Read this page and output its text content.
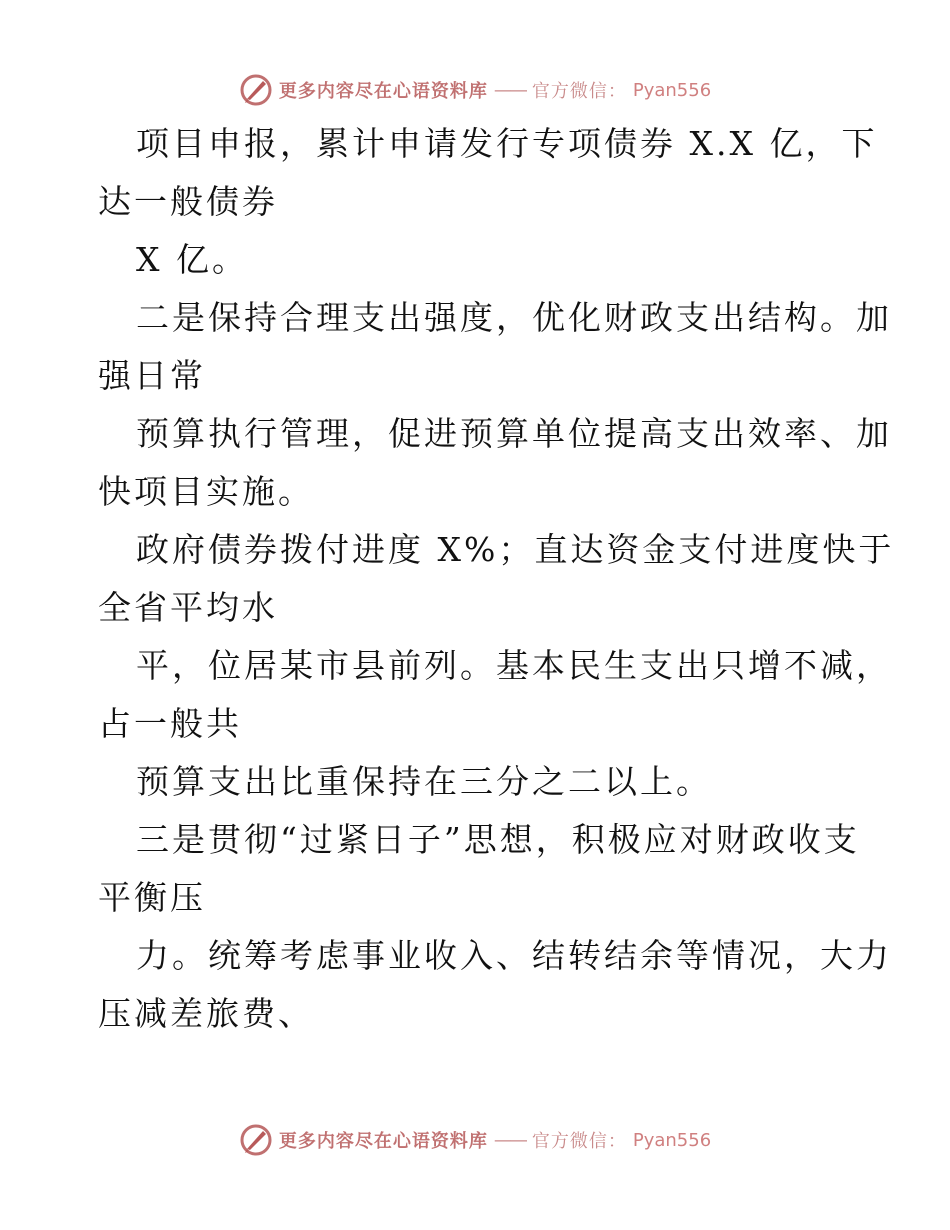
更多内容尽在心语资料库 —— 官方微信： Pyan556
项目申报，累计申请发行专项债券 X.X 亿，下
达一般债券
X 亿。
二是保持合理支出强度，优化财政支出结构。加
强日常
预算执行管理，促进预算单位提高支出效率、加
快项目实施。
政府债券拨付进度 X%；直达资金支付进度快于
全省平均水
平，位居某市县前列。基本民生支出只增不减，
占一般共
预算支出比重保持在三分之二以上。
三是贯彻“过紧日子”思想，积极应对财政收支
平衡压
力。统筹考虑事业收入、结转结余等情况，大力
压减差旅费、
更多内容尽在心语资料库 —— 官方微信： Pyan556
